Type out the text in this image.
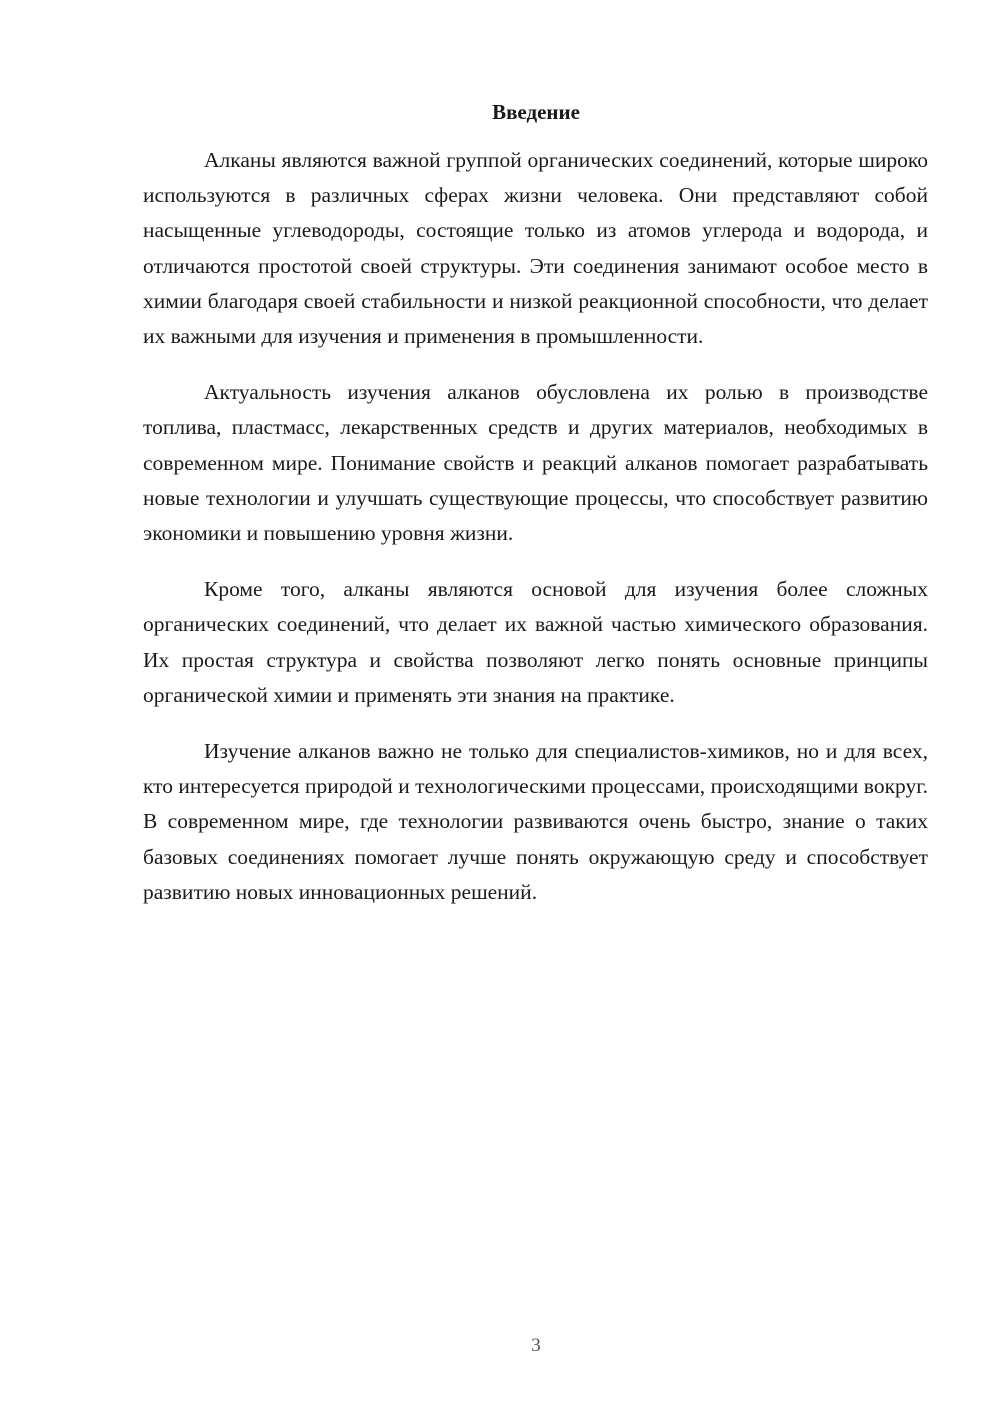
Введение

Алканы являются важной группой органических соединений, которые широко используются в различных сферах жизни человека. Они представляют собой насыщенные углеводороды, состоящие только из атомов углерода и водорода, и отличаются простотой своей структуры. Эти соединения занимают особое место в химии благодаря своей стабильности и низкой реакционной способности, что делает их важными для изучения и применения в промышленности.

Актуальность изучения алканов обусловлена их ролью в производстве топлива, пластмасс, лекарственных средств и других материалов, необходимых в современном мире. Понимание свойств и реакций алканов помогает разрабатывать новые технологии и улучшать существующие процессы, что способствует развитию экономики и повышению уровня жизни.

Кроме того, алканы являются основой для изучения более сложных органических соединений, что делает их важной частью химического образования. Их простая структура и свойства позволяют легко понять основные принципы органической химии и применять эти знания на практике.

Изучение алканов важно не только для специалистов-химиков, но и для всех, кто интересуется природой и технологическими процессами, происходящими вокруг. В современном мире, где технологии развиваются очень быстро, знание о таких базовых соединениях помогает лучше понять окружающую среду и способствует развитию новых инновационных решений.

3
